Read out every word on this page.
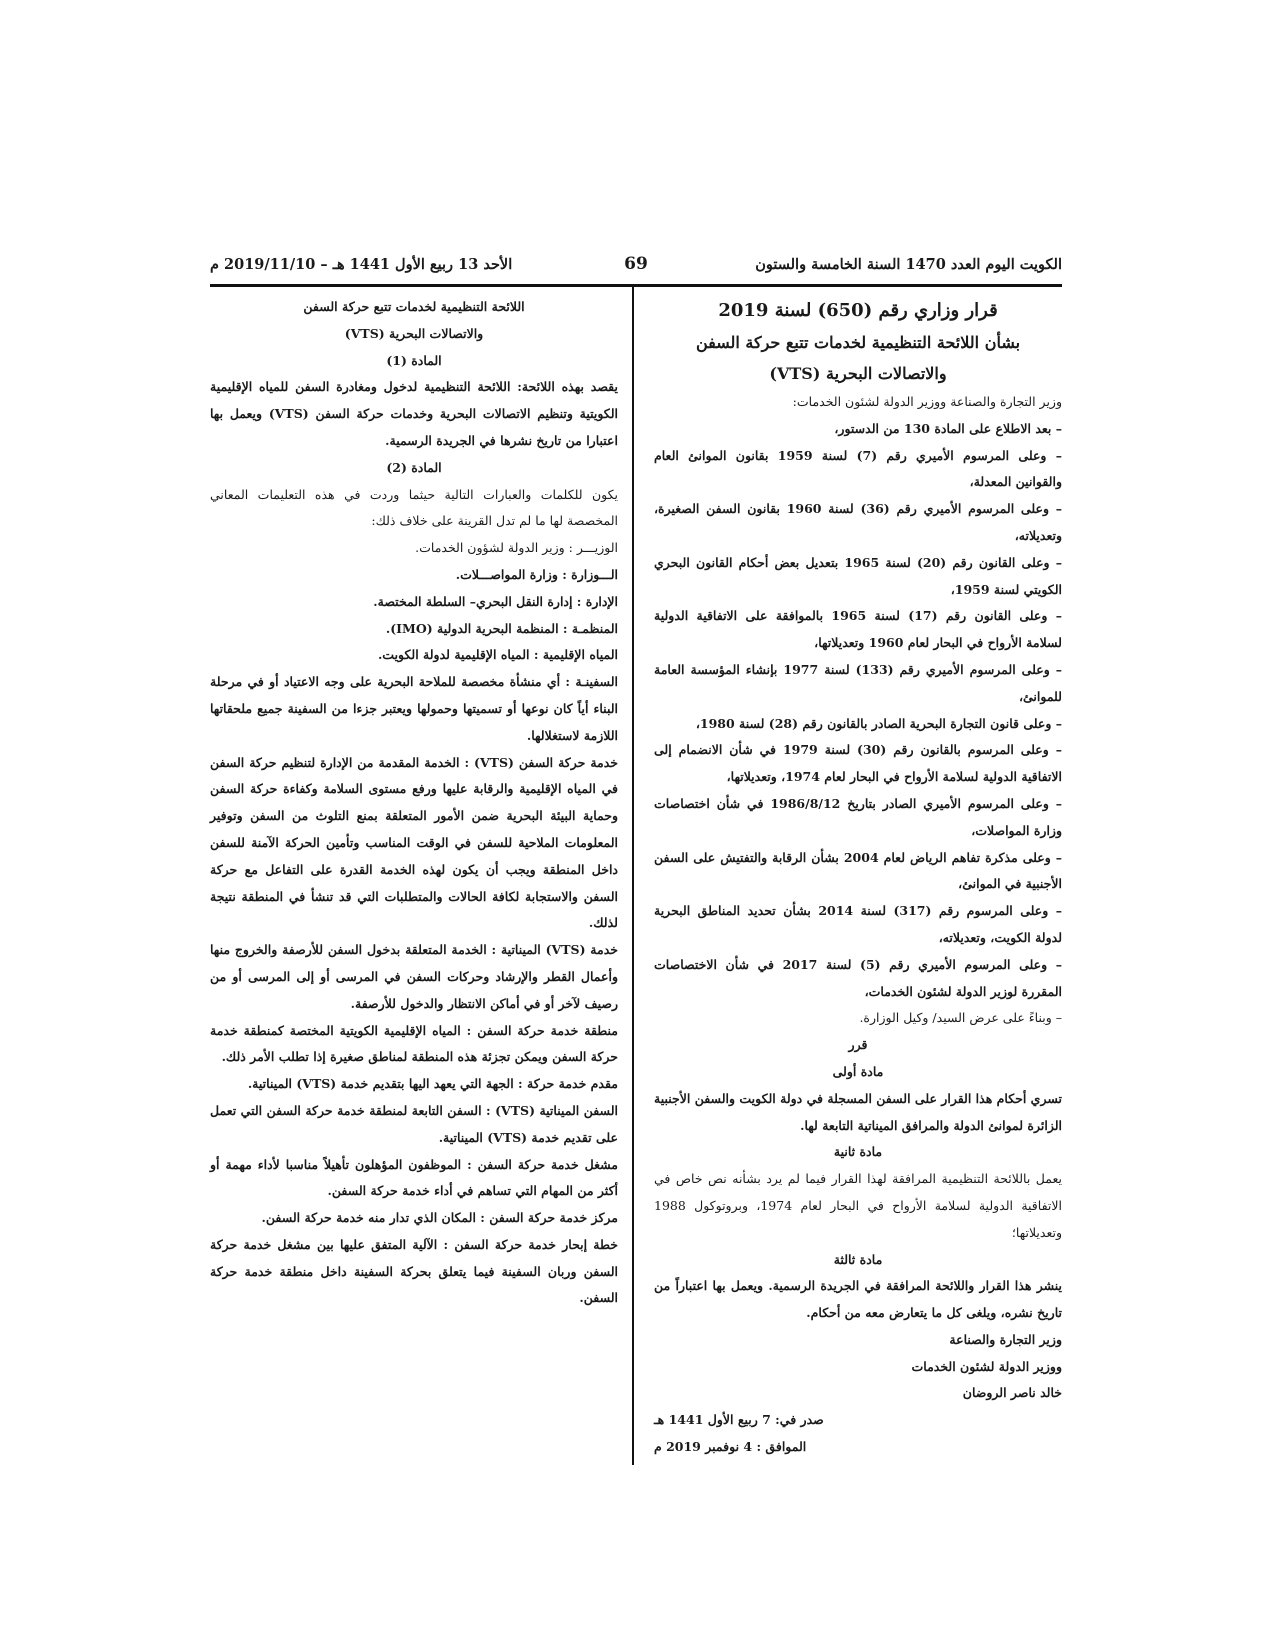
الكويت اليوم العدد 1470 السنة الخامسة والستون
69
الأحد 13 ربيع الأول 1441 هـ – 2019/11/10 م
قرار وزاري رقم (650) لسنة 2019
بشأن اللائحة التنظيمية لخدمات تتبع حركة السفن
والاتصالات البحرية (VTS)

وزير التجارة والصناعة ووزير الدولة لشئون الخدمات:

– بعد الاطلاع على المادة 130 من الدستور،

– وعلى المرسوم الأميري رقم (7) لسنة 1959 بقانون الموانئ العام والقوانين المعدلة،

– وعلى المرسوم الأميري رقم (36) لسنة 1960 بقانون السفن الصغيرة، وتعديلاته،

– وعلى القانون رقم (20) لسنة 1965 بتعديل بعض أحكام القانون البحري الكويتي لسنة 1959،

– وعلى القانون رقم (17) لسنة 1965 بالموافقة على الاتفاقية الدولية لسلامة الأرواح في البحار لعام 1960 وتعديلاتها،

– وعلى المرسوم الأميري رقم (133) لسنة 1977 بإنشاء المؤسسة العامة للموانئ،

– وعلى قانون التجارة البحرية الصادر بالقانون رقم (28) لسنة 1980،

– وعلى المرسوم بالقانون رقم (30) لسنة 1979 في شأن الانضمام إلى الاتفاقية الدولية لسلامة الأرواح في البحار لعام 1974، وتعديلاتها،

– وعلى المرسوم الأميري الصادر بتاريخ 1986/8/12 في شأن اختصاصات وزارة المواصلات،

– وعلى مذكرة تفاهم الرياض لعام 2004 بشأن الرقابة والتفتيش على السفن الأجنبية في الموانئ،

– وعلى المرسوم رقم (317) لسنة 2014 بشأن تحديد المناطق البحرية لدولة الكويت، وتعديلاته،

– وعلى المرسوم الأميري رقم (5) لسنة 2017 في شأن الاختصاصات المقررة لوزير الدولة لشئون الخدمات،

– وبناءً على عرض السيد/ وكيل الوزارة.

قرر

مادة أولى

تسري أحكام هذا القرار على السفن المسجلة في دولة الكويت والسفن الأجنبية الزائرة لموانئ الدولة والمرافق الميناتية التابعة لها.

مادة ثانية

يعمل باللائحة التنظيمية المرافقة لهذا القرار فيما لم يرد بشأنه نص خاص في الاتفاقية الدولية لسلامة الأرواح في البحار لعام 1974، وبروتوكول 1988 وتعديلاتها؛

مادة ثالثة

ينشر هذا القرار واللائحة المرافقة في الجريدة الرسمية. ويعمل بها اعتباراً من تاريخ نشره، ويلغى كل ما يتعارض معه من أحكام.

وزير التجارة والصناعة

ووزير الدولة لشئون الخدمات

خالد ناصر الروضان

صدر في: 7 ربيع الأول 1441 هـ

الموافق : 4 نوفمبر 2019 م

اللائحة التنظيمية لخدمات تتبع حركة السفن

والاتصالات البحرية (VTS)

المادة (1)

يقصد بهذه اللائحة: اللائحة التنظيمية لدخول ومغادرة السفن للمياه الإقليمية الكويتية وتنظيم الاتصالات البحرية وخدمات حركة السفن (VTS) ويعمل بها اعتبارا من تاريخ نشرها في الجريدة الرسمية.

المادة (2)

يكون للكلمات والعبارات التالية حيثما وردت في هذه التعليمات المعاني المخصصة لها ما لم تدل القرينة على خلاف ذلك:

الوزيـــر : وزير الدولة لشؤون الخدمات.

الـــوزارة : وزارة المواصـــلات.

الإدارة : إدارة النقل البحري– السلطة المختصة.

المنظمـة : المنظمة البحرية الدولية (IMO).

المياه الإقليمية : المياه الإقليمية لدولة الكويت.

السفينـة : أي منشأة مخصصة للملاحة البحرية على وجه الاعتياد أو في مرحلة البناء أياً كان نوعها أو تسميتها وحمولها ويعتبر جزءا من السفينة جميع ملحقاتها اللازمة لاستغلالها.

خدمة حركة السفن (VTS) : الخدمة المقدمة من الإدارة لتنظيم حركة السفن في المياه الإقليمية والرقابة عليها ورفع مستوى السلامة وكفاءة حركة السفن وحماية البيئة البحرية ضمن الأمور المتعلقة بمنع التلوث من السفن وتوفير المعلومات الملاحية للسفن في الوقت المناسب وتأمين الحركة الآمنة للسفن داخل المنطقة ويجب أن يكون لهذه الخدمة القدرة على التفاعل مع حركة السفن والاستجابة لكافة الحالات والمتطلبات التي قد تنشأ في المنطقة نتيجة لذلك.

خدمة (VTS) الميناتية : الخدمة المتعلقة بدخول السفن للأرصفة والخروج منها وأعمال القطر والإرشاد وحركات السفن في المرسى أو إلى المرسى أو من رصيف لآخر أو في أماكن الانتظار والدخول للأرصفة.

منطقة خدمة حركة السفن : المياه الإقليمية الكويتية المختصة كمنطقة خدمة حركة السفن ويمكن تجزئة هذه المنطقة لمناطق صغيرة إذا تطلب الأمر ذلك.

مقدم خدمة حركة : الجهة التي يعهد اليها بتقديم خدمة (VTS) الميناتية.

السفن الميناتية (VTS) : السفن التابعة لمنطقة خدمة حركة السفن التي تعمل على تقديم خدمة (VTS) الميناتية.

مشغل خدمة حركة السفن : الموظفون المؤهلون تأهيلاً مناسبا لأداء مهمة أو أكثر من المهام التي تساهم في أداء خدمة حركة السفن.

مركز خدمة حركة السفن : المكان الذي تدار منه خدمة حركة السفن.

خطة إبحار خدمة حركة السفن : الآلية المتفق عليها بين مشغل خدمة حركة السفن وربان السفينة فيما يتعلق بحركة السفينة داخل منطقة خدمة حركة السفن.
